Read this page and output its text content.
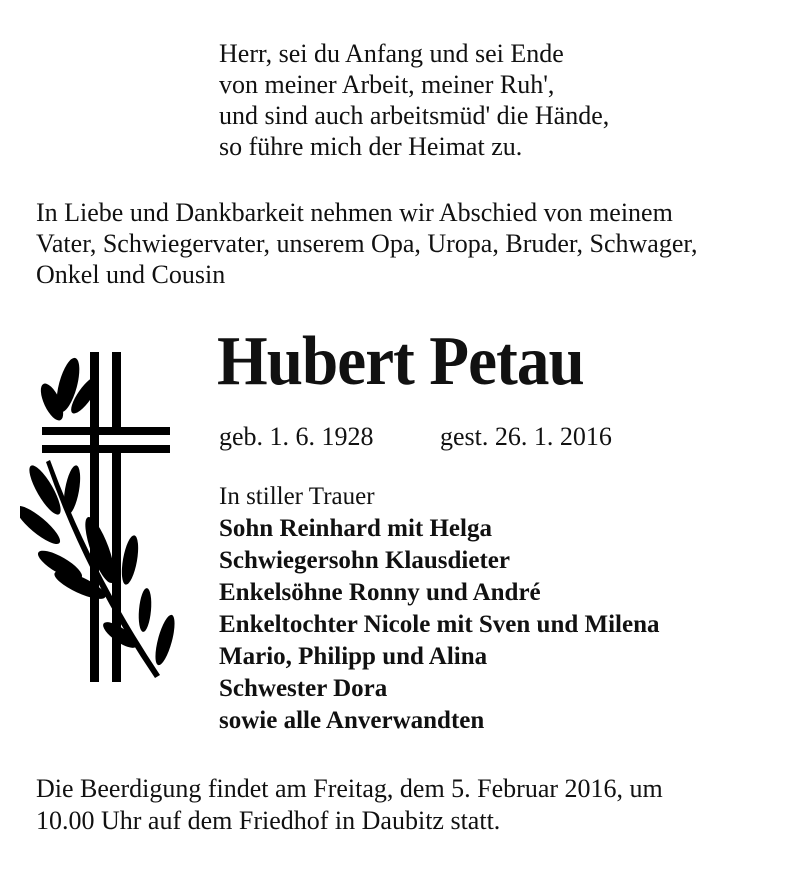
Herr, sei du Anfang und sei Ende
von meiner Arbeit, meiner Ruh',
und sind auch arbeitsmüd' die Hände,
so führe mich der Heimat zu.
In Liebe und Dankbarkeit nehmen wir Abschied von meinem
Vater, Schwiegervater, unserem Opa, Uropa, Bruder, Schwager,
Onkel und Cousin
Hubert Petau
geb. 1. 6. 1928	gest. 26. 1. 2016
In stiller Trauer
Sohn Reinhard mit Helga
Schwiegersohn Klausdieter
Enkelsöhne Ronny und André
Enkeltochter Nicole mit Sven und Milena
Mario, Philipp und Alina
Schwester Dora
sowie alle Anverwandten
Die Beerdigung findet am Freitag, dem 5. Februar 2016, um
10.00 Uhr auf dem Friedhof in Daubitz statt.
